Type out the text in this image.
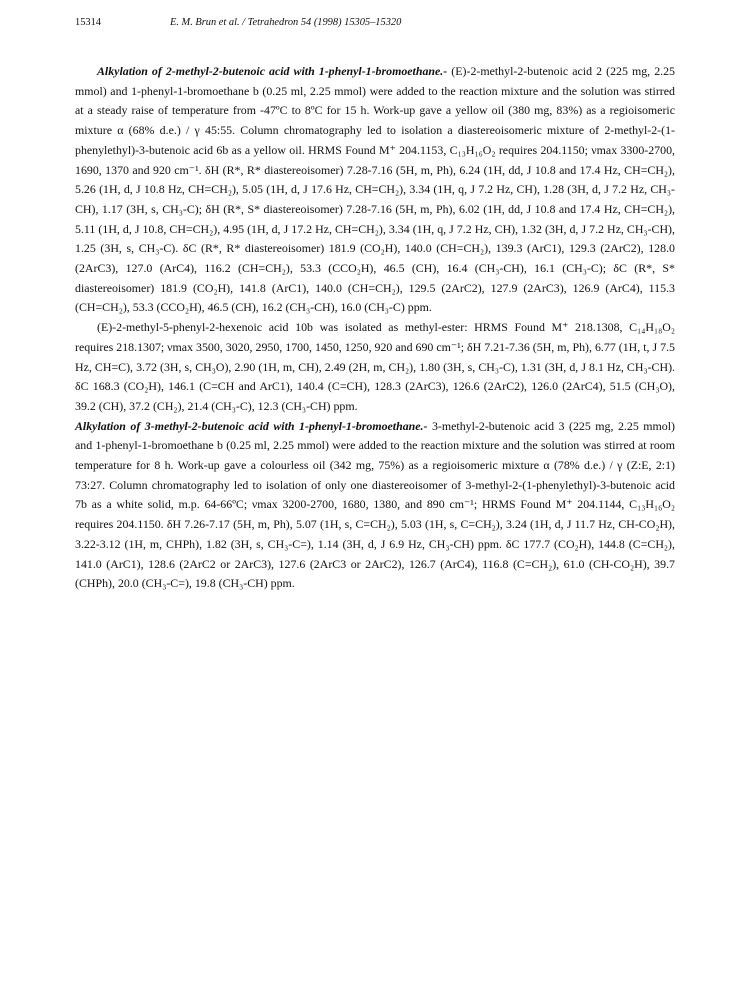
15314	E. M. Brun et al. / Tetrahedron 54 (1998) 15305–15320

Alkylation of 2-methyl-2-butenoic acid with 1-phenyl-1-bromoethane.- (E)-2-methyl-2-butenoic acid 2 (225 mg, 2.25 mmol) and 1-phenyl-1-bromoethane b (0.25 ml, 2.25 mmol) were added to the reaction mixture and the solution was stirred at a steady raise of temperature from -47ºC to 8ºC for 15 h. Work-up gave a yellow oil (380 mg, 83%) as a regioisomeric mixture α (68% d.e.) / γ 45:55. Column chromatography led to isolation a diastereoisomeric mixture of 2-methyl-2-(1-phenylethyl)-3-butenoic acid 6b as a yellow oil. HRMS Found M⁺ 204.1153, C₁₃H₁₆O₂ requires 204.1150; νmax 3300-2700, 1690, 1370 and 920 cm⁻¹. δH (R*, R* diastereoisomer) 7.28-7.16 (5H, m, Ph), 6.24 (1H, dd, J 10.8 and 17.4 Hz, CH=CH₂), 5.26 (1H, d, J 10.8 Hz, CH=CH₂), 5.05 (1H, d, J 17.6 Hz, CH=CH₂), 3.34 (1H, q, J 7.2 Hz, CH), 1.28 (3H, d, J 7.2 Hz, CH₃-CH), 1.17 (3H, s, CH₃-C); δH (R*, S* diastereoisomer) 7.28-7.16 (5H, m, Ph), 6.02 (1H, dd, J 10.8 and 17.4 Hz, CH=CH₂), 5.11 (1H, d, J 10.8, CH=CH₂), 4.95 (1H, d, J 17.2 Hz, CH=CH₂), 3.34 (1H, q, J 7.2 Hz, CH), 1.32 (3H, d, J 7.2 Hz, CH₃-CH), 1.25 (3H, s, CH₃-C). δC (R*, R* diastereoisomer) 181.9 (CO₂H), 140.0 (CH=CH₂), 139.3 (ArC1), 129.3 (2ArC2), 128.0 (2ArC3), 127.0 (ArC4), 116.2 (CH=CH₂), 53.3 (CCO₂H), 46.5 (CH), 16.4 (CH₃-CH), 16.1 (CH₃-C); δC (R*, S* diastereoisomer) 181.9 (CO₂H), 141.8 (ArC1), 140.0 (CH=CH₂), 129.5 (2ArC2), 127.9 (2ArC3), 126.9 (ArC4), 115.3 (CH=CH₂), 53.3 (CCO₂H), 46.5 (CH), 16.2 (CH₃-CH), 16.0 (CH₃-C) ppm.

(E)-2-methyl-5-phenyl-2-hexenoic acid 10b was isolated as methyl-ester: HRMS Found M⁺ 218.1308, C₁₄H₁₈O₂ requires 218.1307; νmax 3500, 3020, 2950, 1700, 1450, 1250, 920 and 690 cm⁻¹; δH 7.21-7.36 (5H, m, Ph), 6.77 (1H, t, J 7.5 Hz, CH=C), 3.72 (3H, s, CH₃O), 2.90 (1H, m, CH), 2.49 (2H, m, CH₂), 1.80 (3H, s, CH₃-C), 1.31 (3H, d, J 8.1 Hz, CH₃-CH). δC 168.3 (CO₂H), 146.1 (C=CH and ArC1), 140.4 (C=CH), 128.3 (2ArC3), 126.6 (2ArC2), 126.0 (2ArC4), 51.5 (CH₃O), 39.2 (CH), 37.2 (CH₂), 21.4 (CH₃-C), 12.3 (CH₃-CH) ppm.

Alkylation of 3-methyl-2-butenoic acid with 1-phenyl-1-bromoethane.- 3-methyl-2-butenoic acid 3 (225 mg, 2.25 mmol) and 1-phenyl-1-bromoethane b (0.25 ml, 2.25 mmol) were added to the reaction mixture and the solution was stirred at room temperature for 8 h. Work-up gave a colourless oil (342 mg, 75%) as a regioisomeric mixture α (78% d.e.) / γ (Z:E, 2:1) 73:27. Column chromatography led to isolation of only one diastereoisomer of 3-methyl-2-(1-phenylethyl)-3-butenoic acid 7b as a white solid, m.p. 64-66ºC; νmax 3200-2700, 1680, 1380, and 890 cm⁻¹; HRMS Found M⁺ 204.1144, C₁₃H₁₆O₂ requires 204.1150. δH 7.26-7.17 (5H, m, Ph), 5.07 (1H, s, C=CH₂), 5.03 (1H, s, C=CH₂), 3.24 (1H, d, J 11.7 Hz, CH-CO₂H), 3.22-3.12 (1H, m, CHPh), 1.82 (3H, s, CH₃-C=), 1.14 (3H, d, J 6.9 Hz, CH₃-CH) ppm. δC 177.7 (CO₂H), 144.8 (C=CH₂), 141.0 (ArC1), 128.6 (2ArC2 or 2ArC3), 127.6 (2ArC3 or 2ArC2), 126.7 (ArC4), 116.8 (C=CH₂), 61.0 (CH-CO₂H), 39.7 (CHPh), 20.0 (CH₃-C=), 19.8 (CH₃-CH) ppm.
